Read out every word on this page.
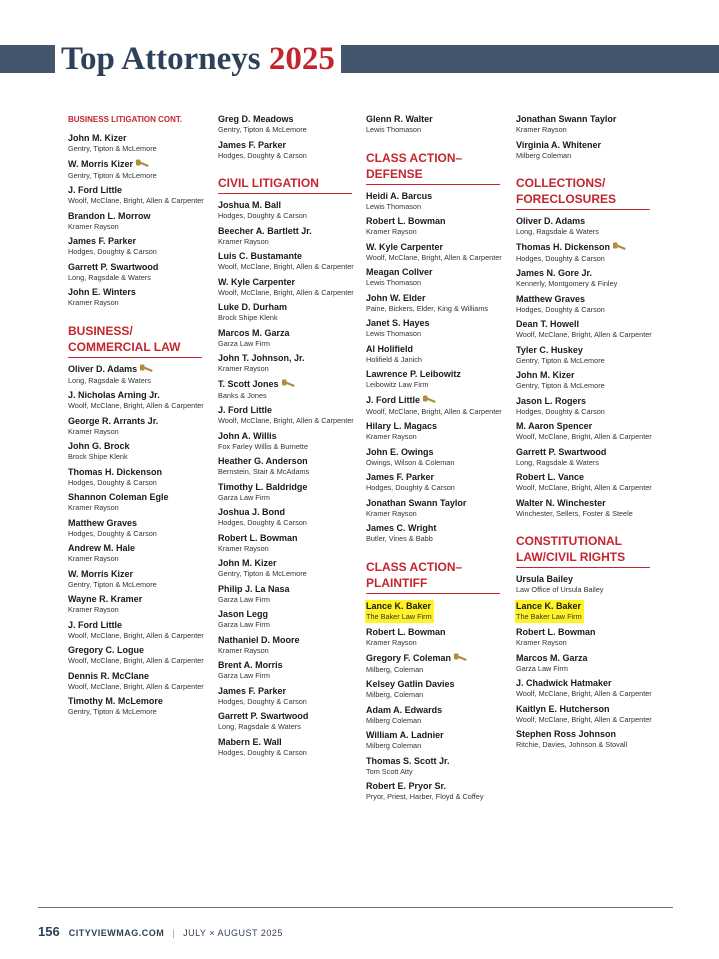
Top Attorneys 2025
BUSINESS LITIGATION CONT.
John M. Kizer
Gentry, Tipton & McLemore
W. Morris Kizer
Gentry, Tipton & McLemore
J. Ford Little
Woolf, McClane, Bright, Allen & Carpenter
Brandon L. Morrow
Kramer Rayson
James F. Parker
Hodges, Doughty & Carson
Garrett P. Swartwood
Long, Ragsdale & Waters
John E. Winters
Kramer Rayson
BUSINESS/ COMMERCIAL LAW
Oliver D. Adams
Long, Ragsdale & Waters
J. Nicholas Arning Jr.
Woolf, McClane, Bright, Allen & Carpenter
George R. Arrants Jr.
Kramer Rayson
John G. Brock
Brock Shipe Klenk
Thomas H. Dickenson
Hodges, Doughty & Carson
Shannon Coleman Egle
Kramer Rayson
Matthew Graves
Hodges, Doughty & Carson
Andrew M. Hale
Kramer Rayson
W. Morris Kizer
Gentry, Tipton & McLemore
Wayne R. Kramer
Kramer Rayson
J. Ford Little
Woolf, McClane, Bright, Allen & Carpenter
Gregory C. Logue
Woolf, McClane, Bright, Allen & Carpenter
Dennis R. McClane
Woolf, McClane, Bright, Allen & Carpenter
Timothy M. McLemore
Gentry, Tipton & McLemore
Greg D. Meadows
Gentry, Tipton & McLemore
James F. Parker
Hodges, Doughty & Carson
CIVIL LITIGATION
Joshua M. Ball
Hodges, Doughty & Carson
Beecher A. Bartlett Jr.
Kramer Rayson
Luis C. Bustamante
Woolf, McClane, Bright, Allen & Carpenter
W. Kyle Carpenter
Woolf, McClane, Bright, Allen & Carpenter
Luke D. Durham
Brock Shipe Klenk
Marcos M. Garza
Garza Law Firm
John T. Johnson, Jr.
Kramer Rayson
T. Scott Jones
Banks & Jones
J. Ford Little
Woolf, McClane, Bright, Allen & Carpenter
John A. Willis
Fox Farley Willis & Burnette
Heather G. Anderson
Bernstein, Stair & McAdams
Timothy L. Baldridge
Garza Law Firm
Joshua J. Bond
Hodges, Doughty & Carson
Robert L. Bowman
Kramer Rayson
John M. Kizer
Gentry, Tipton & McLemore
Philip J. La Nasa
Garza Law Firm
Jason Legg
Garza Law Firm
Nathaniel D. Moore
Kramer Rayson
Brent A. Morris
Garza Law Firm
James F. Parker
Hodges, Doughty & Carson
Garrett P. Swartwood
Long, Ragsdale & Waters
Mabern E. Wall
Hodges, Doughty & Carson
Glenn R. Walter
Lewis Thomason
CLASS ACTION–DEFENSE
Heidi A. Barcus
Lewis Thomason
Robert L. Bowman
Kramer Rayson
W. Kyle Carpenter
Woolf, McClane, Bright, Allen & Carpenter
Meagan Collver
Lewis Thomason
John W. Elder
Paine, Bickers, Elder, King & Williams
Janet S. Hayes
Lewis Thomason
Al Holifield
Holifield & Janich
Lawrence P. Leibowitz
Leibowitz Law Firm
J. Ford Little
Woolf, McClane, Bright, Allen & Carpenter
Hilary L. Magacs
Kramer Rayson
John E. Owings
Owings, Wilson & Coleman
James F. Parker
Hodges, Doughty & Carson
Jonathan Swann Taylor
Kramer Rayson
James C. Wright
Butler, Vines & Babb
CLASS ACTION–PLAINTIFF
Lance K. Baker
The Baker Law Firm
Robert L. Bowman
Kramer Rayson
Gregory F. Coleman
Milberg, Coleman
Kelsey Gatlin Davies
Milberg, Coleman
Adam A. Edwards
Milberg Coleman
William A. Ladnier
Milberg Coleman
Thomas S. Scott Jr.
Tom Scott Atty
Robert E. Pryor Sr.
Pryor, Priest, Harber, Floyd & Coffey
Jonathan Swann Taylor
Kramer Rayson
Virginia A. Whitener
Milberg Coleman
COLLECTIONS/ FORECLOSURES
Oliver D. Adams
Long, Ragsdale & Waters
Thomas H. Dickenson
Hodges, Doughty & Carson
James N. Gore Jr.
Kennerly, Montgomery & Finley
Matthew Graves
Hodges, Doughty & Carson
Dean T. Howell
Woolf, McClane, Bright, Allen & Carpenter
Tyler C. Huskey
Gentry, Tipton & McLemore
John M. Kizer
Gentry, Tipton & McLemore
Jason L. Rogers
Hodges, Doughty & Carson
M. Aaron Spencer
Woolf, McClane, Bright, Allen & Carpenter
Garrett P. Swartwood
Long, Ragsdale & Waters
Robert L. Vance
Woolf, McClane, Bright, Allen & Carpenter
Walter N. Winchester
Winchester, Sellers, Foster & Steele
CONSTITUTIONAL LAW/CIVIL RIGHTS
Ursula Bailey
Law Office of Ursula Bailey
Lance K. Baker
The Baker Law Firm
Robert L. Bowman
Kramer Rayson
Marcos M. Garza
Garza Law Firm
J. Chadwick Hatmaker
Woolf, McClane, Bright, Allen & Carpenter
Kaitlyn E. Hutcherson
Woolf, McClane, Bright, Allen & Carpenter
Stephen Ross Johnson
Ritchie, Davies, Johnson & Stovall
156 CITYVIEWMAG.COM | JULY × AUGUST 2025
